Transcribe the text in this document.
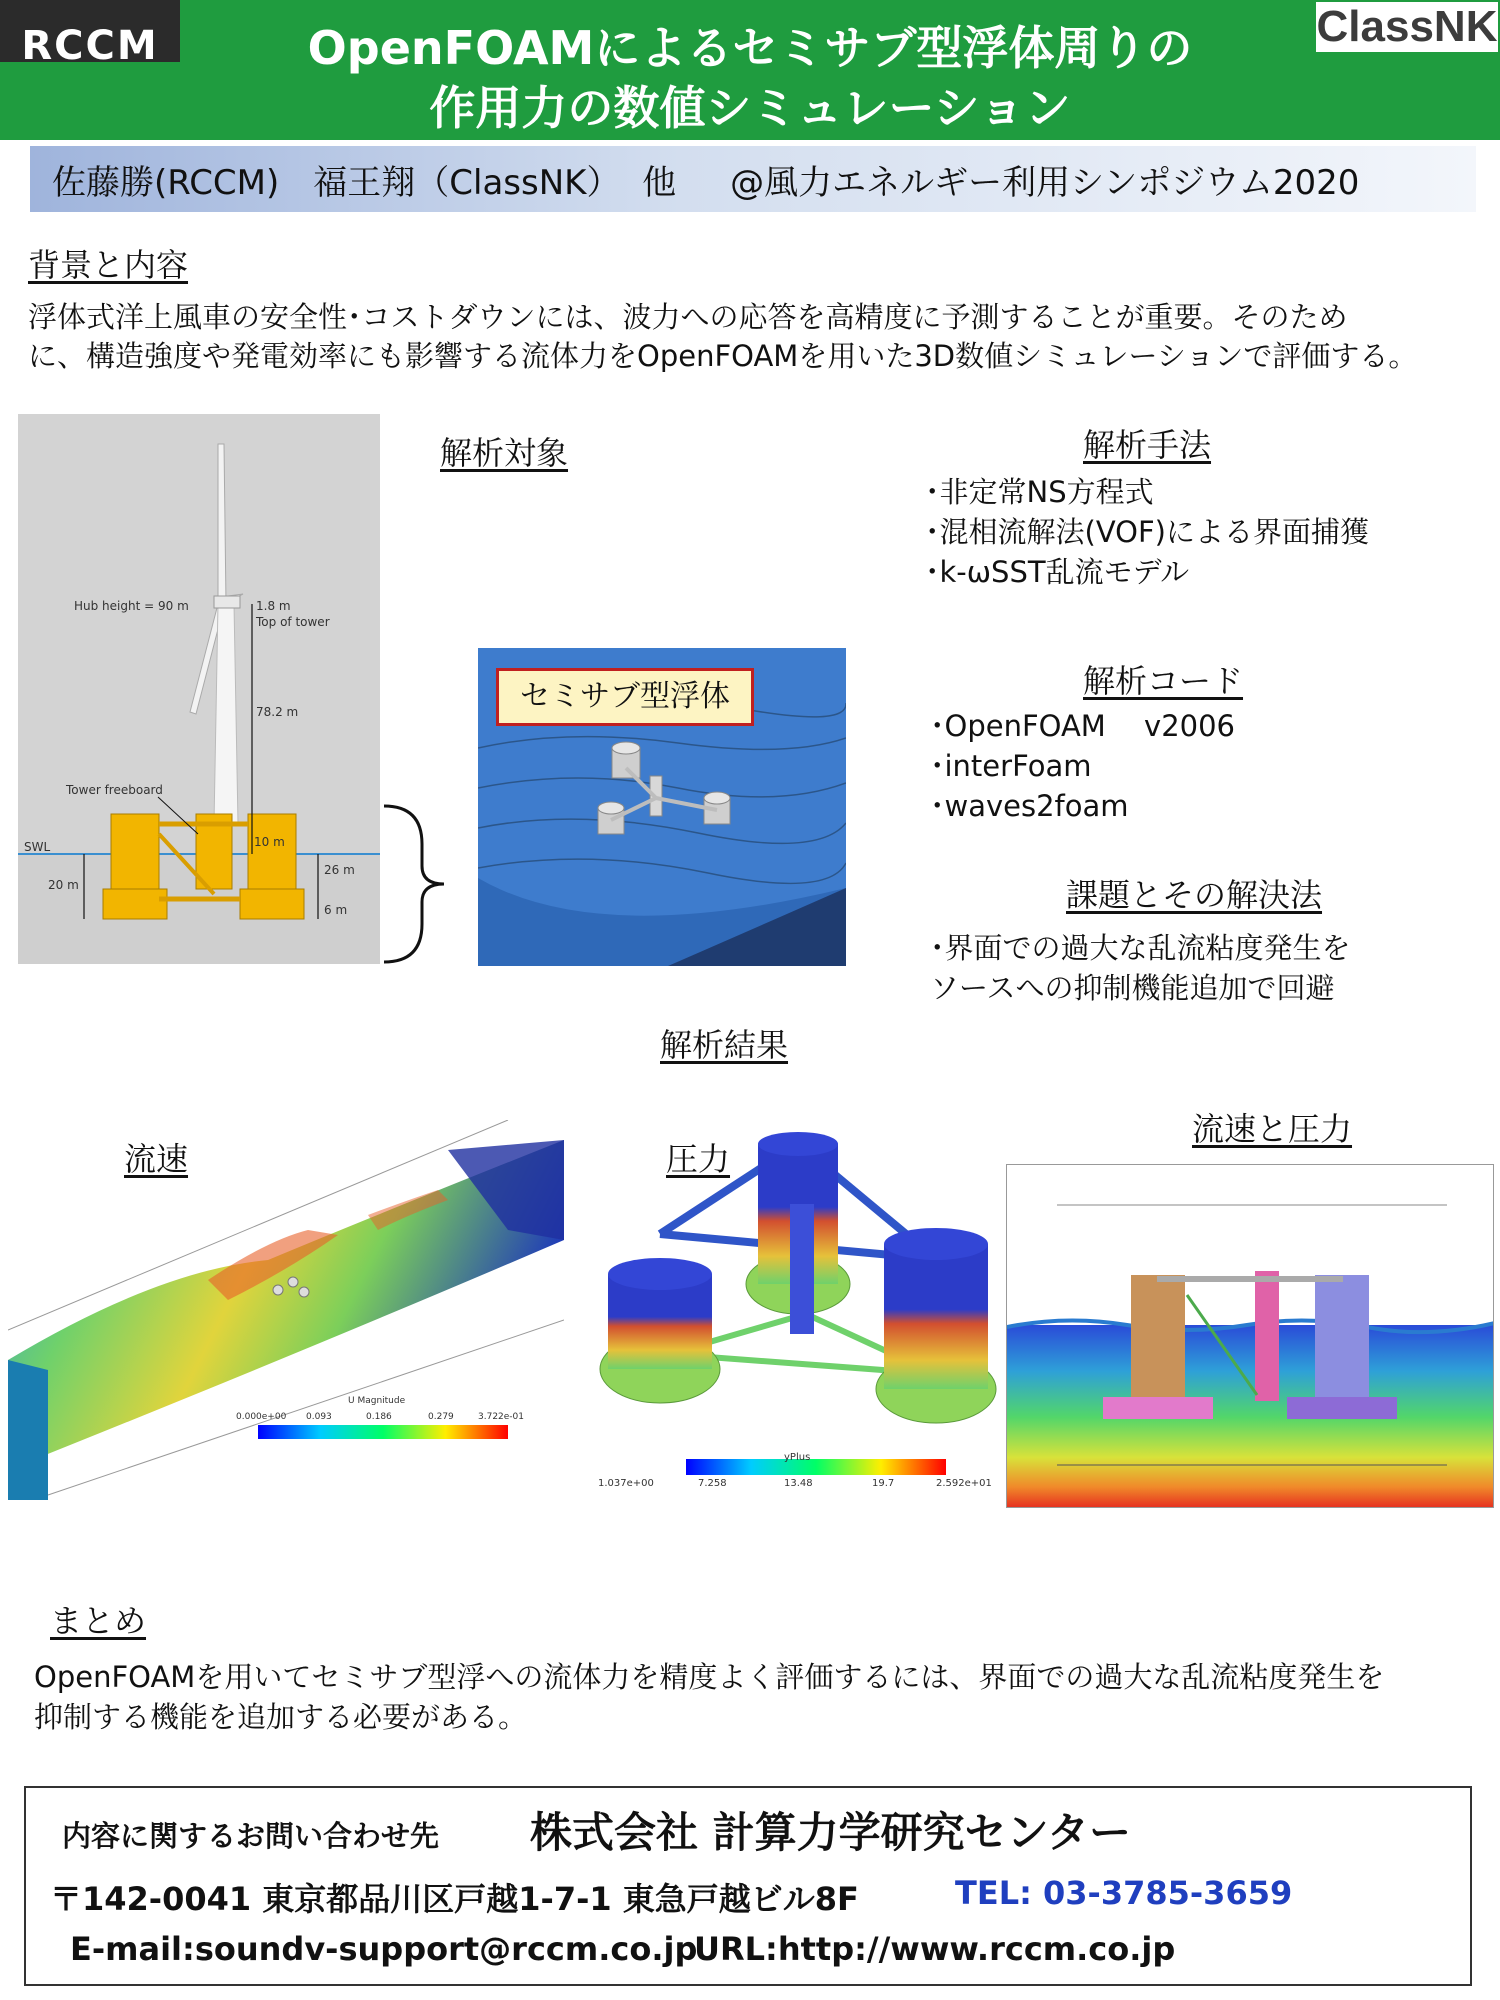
RCCM	ClassNK
OpenFOAMによるセミサブ型浮体周りの
作用力の数値シミュレーション
佐藤勝(RCCM)　福王翔（ClassNK）  他     @風力エネルギー利用シンポジウム2020
背景と内容
浮体式洋上風車の安全性･コストダウンには、波力への応答を高精度に予測することが重要。そのため
に、構造強度や発電効率にも影響する流体力をOpenFOAMを用いた3D数値シミュレーションで評価する。
Hub height = 90 m	1.8 m
Top of tower
78.2 m
Tower freeboard
SWL	10 m
20 m
26 m
6 m
解析対象
セミサブ型浮体
解析手法
･非定常NS方程式
･混相流解法(VOF)による界面捕獲
･k-ωSST乱流モデル
解析コード
･OpenFOAM　 v2006
･interFoam
･waves2foam
課題とその解決法
･界面での過大な乱流粘度発生を
ソースへの抑制機能追加で回避
解析結果
流速	圧力
流速と圧力
U Magnitude
0.000e+00 0.093	0.186	0.279	3.722e-01
yPlus
1.037e+00	7.258	13.48	19.7	2.592e+01
まとめ
OpenFOAMを用いてセミサブ型浮への流体力を精度よく評価するには、界面での過大な乱流粘度発生を
抑制する機能を追加する必要がある。
内容に関するお問い合わせ先 株式会社 計算力学研究センター
〒142-0041 東京都品川区戸越1-7-1 東急戸越ビル8F	TEL: 03-3785-3659
E-mail:soundv-support@rccm.co.jp
URL:http://www.rccm.co.jp
